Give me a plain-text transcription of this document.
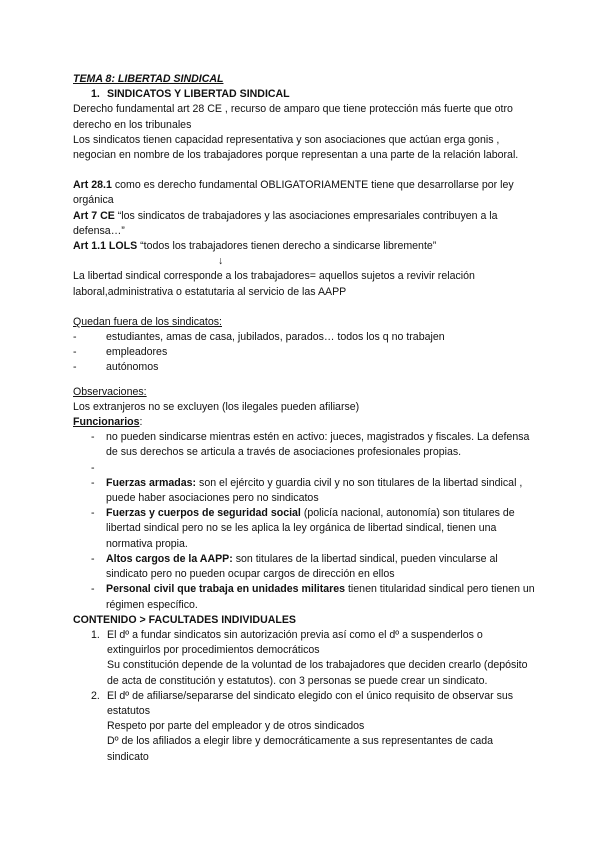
TEMA 8: LIBERTAD SINDICAL

1. SINDICATOS Y LIBERTAD SINDICAL

Derecho fundamental art 28 CE , recurso de amparo que tiene protección más fuerte que otro derecho en los tribunales

Los sindicatos tienen capacidad representativa y son asociaciones que actúan erga gonis , negocian en nombre de los trabajadores porque representan a una parte de la relación laboral.

Art 28.1 como es derecho fundamental OBLIGATORIAMENTE tiene que desarrollarse por ley orgánica

Art 7 CE “los sindicatos de trabajadores y las asociaciones empresariales contribuyen a la defensa…”

Art 1.1 LOLS “todos los trabajadores tienen derecho a sindicarse libremente”

↓

La libertad sindical corresponde a los trabajadores= aquellos sujetos a revivir relación laboral,administrativa o estatutaria al servicio de las AAPP

Quedan fuera de los sindicatos:

-	estudiantes, amas de casa, jubilados, parados… todos los q no trabajen
-	empleadores
-	autónomos

Observaciones:

Los extranjeros no se excluyen (los ilegales pueden afiliarse)

Funcionarios:

-	no pueden sindicarse mientras estén en activo: jueces, magistrados y fiscales. La defensa de sus derechos se articula a través de asociaciones profesionales propias.
-
-	Fuerzas armadas: son el ejército y guardia civil y no son titulares de la libertad sindical , puede haber asociaciones pero no sindicatos
-	Fuerzas y cuerpos de seguridad social (policía nacional, autonomía) son titulares de libertad sindical pero no se les aplica la ley orgánica de libertad sindical, tienen una normativa propia.
-	Altos cargos de la AAPP: son titulares de la libertad sindical, pueden vincularse al sindicato pero no pueden ocupar cargos de dirección en ellos
-	Personal civil que trabaja en unidades militares tienen titularidad sindical pero tienen un régimen específico.

CONTENIDO > FACULTADES INDIVIDUALES

1. El dº a fundar sindicatos sin autorización previa así como el dº a suspenderlos o extinguirlos por procedimientos democráticos

Su constitución depende de la voluntad de los trabajadores que deciden crearlo (depósito de acta de constitución y estatutos). con 3 personas se puede crear un sindicato.

2. El dº de afiliarse/separarse del sindicato elegido con el único requisito de observar sus estatutos

Respeto por parte del empleador y de otros sindicados

Dº de los afiliados a elegir libre y democráticamente a sus representantes de cada sindicato
